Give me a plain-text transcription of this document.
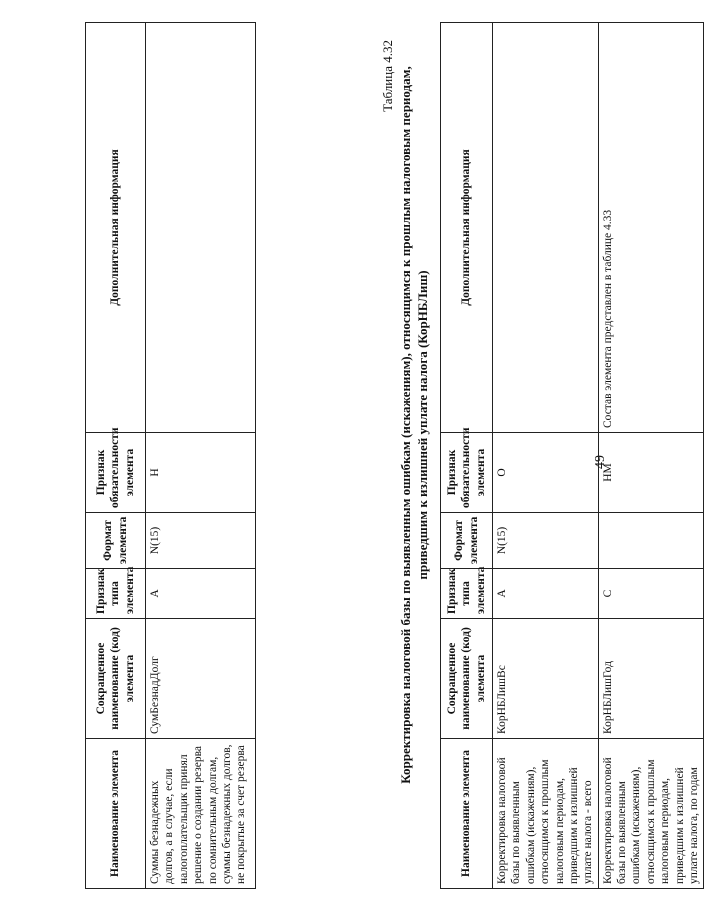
49
Наименование элемента	Сокращенное наименование (код) элемента	Признак типа элемента	Формат элемента	Признак обязательности элемента	Дополнительная информация
Суммы безнадежных долгов, а в случае, если налогоплательщик принял решение о создании резерва по сомнительным долгам, суммы безнадежных долгов, не покрытые за счет резерва	СумБезнадДолг	А	N(15)	Н	
Таблица 4.32 Корректировка налоговой базы по выявленным ошибкам (искажениям), относящимся к прошлым налоговым периодам, приведшим к излишней уплате налога (КорНБЛиш)
Наименование элемента	Сокращенное наименование (код) элемента	Признак типа элемента	Формат элемента	Признак обязательности элемента	Дополнительная информация
Корректировка налоговой базы по выявленным ошибкам (искажениям), относящимся к прошлым налоговым периодам, приведшим к излишней уплате налога - всего	КорНБЛишВс	А	N(15)	О	
Корректировка налоговой базы по выявленным ошибкам (искажениям), относящимся к прошлым налоговым периодам, приведшим к излишней уплате налога, по годам	КорНБЛишГод	С		НМ	Состав элемента представлен в таблице 4.33
